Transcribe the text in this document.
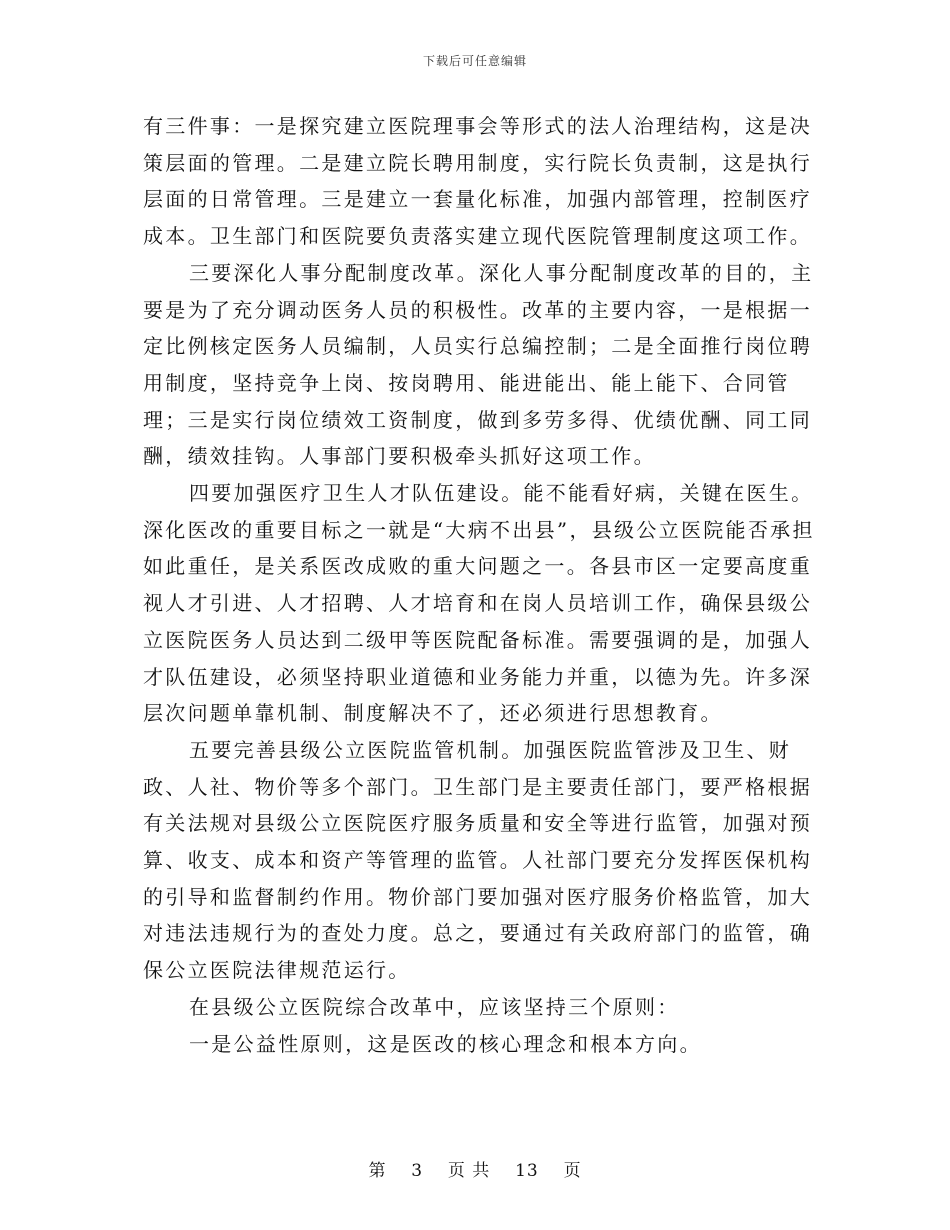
下载后可任意编辑

有三件事：一是探究建立医院理事会等形式的法人治理结构，这是决策层面的管理。二是建立院长聘用制度，实行院长负责制，这是执行层面的日常管理。三是建立一套量化标准，加强内部管理，控制医疗成本。卫生部门和医院要负责落实建立现代医院管理制度这项工作。

三要深化人事分配制度改革。深化人事分配制度改革的目的，主要是为了充分调动医务人员的积极性。改革的主要内容，一是根据一定比例核定医务人员编制，人员实行总编控制；二是全面推行岗位聘用制度，坚持竞争上岗、按岗聘用、能进能出、能上能下、合同管理；三是实行岗位绩效工资制度，做到多劳多得、优绩优酬、同工同酬，绩效挂钩。人事部门要积极牵头抓好这项工作。

四要加强医疗卫生人才队伍建设。能不能看好病，关键在医生。深化医改的重要目标之一就是“大病不出县”，县级公立医院能否承担如此重任，是关系医改成败的重大问题之一。各县市区一定要高度重视人才引进、人才招聘、人才培育和在岗人员培训工作，确保县级公立医院医务人员达到二级甲等医院配备标准。需要强调的是，加强人才队伍建设，必须坚持职业道德和业务能力并重，以德为先。许多深层次问题单靠机制、制度解决不了，还必须进行思想教育。

五要完善县级公立医院监管机制。加强医院监管涉及卫生、财政、人社、物价等多个部门。卫生部门是主要责任部门，要严格根据有关法规对县级公立医院医疗服务质量和安全等进行监管，加强对预算、收支、成本和资产等管理的监管。人社部门要充分发挥医保机构的引导和监督制约作用。物价部门要加强对医疗服务价格监管，加大对违法违规行为的查处力度。总之，要通过有关政府部门的监管，确保公立医院法律规范运行。

在县级公立医院综合改革中，应该坚持三个原则：

一是公益性原则，这是医改的核心理念和根本方向。

第 3 页 共 13 页
